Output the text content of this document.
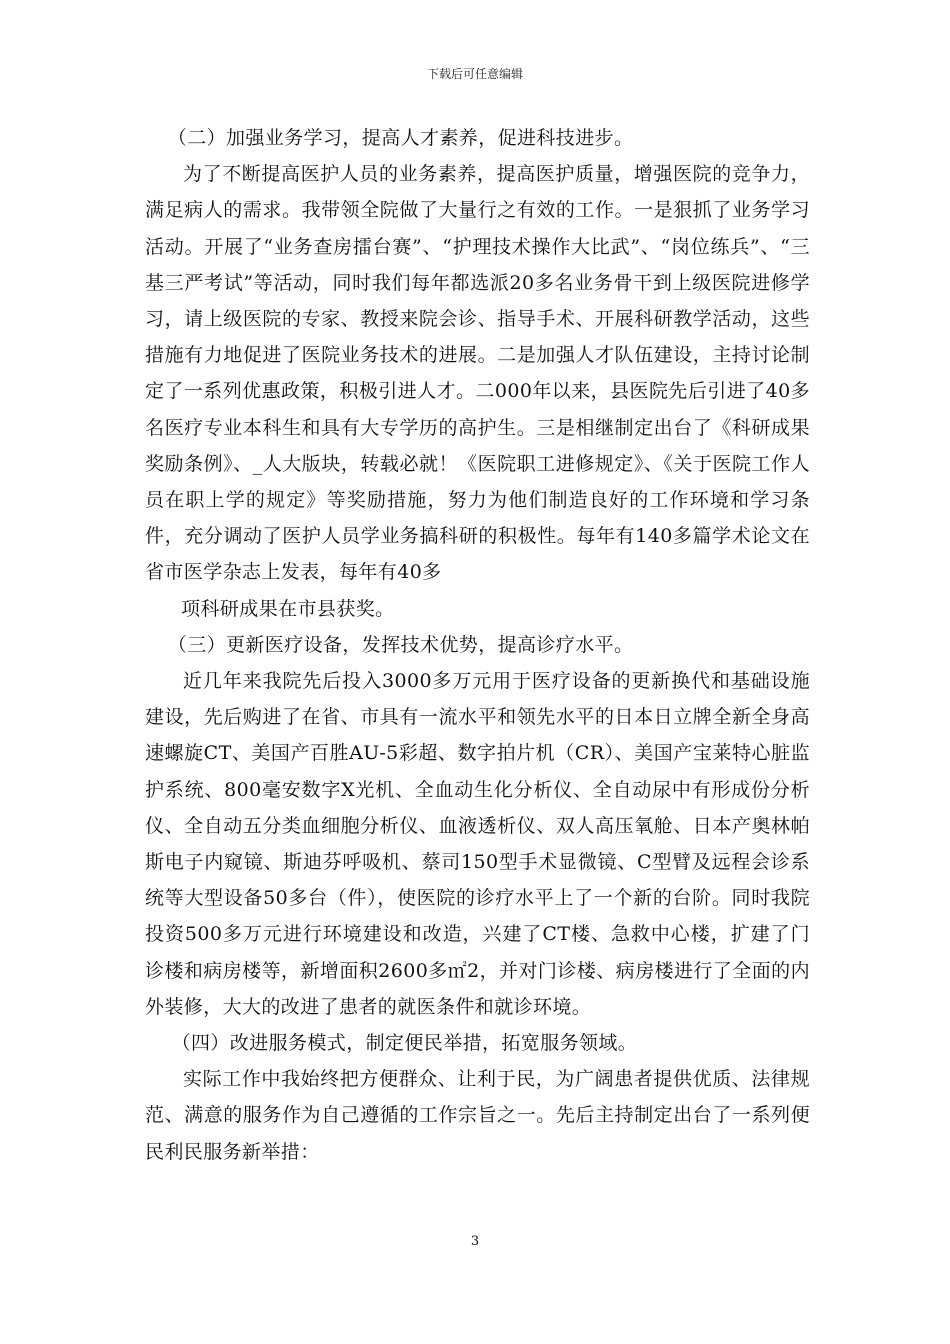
下载后可任意编辑

（二）加强业务学习，提高人才素养，促进科技进步。

为了不断提高医护人员的业务素养，提高医护质量，增强医院的竞争力，满足病人的需求。我带领全院做了大量行之有效的工作。一是狠抓了业务学习活动。开展了“业务查房擂台赛”、“护理技术操作大比武”、“岗位练兵”、“三基三严考试”等活动，同时我们每年都选派20多名业务骨干到上级医院进修学习，请上级医院的专家、教授来院会诊、指导手术、开展科研教学活动，这些措施有力地促进了医院业务技术的进展。二是加强人才队伍建设，主持讨论制定了一系列优惠政策，积极引进人才。二000年以来，县医院先后引进了40多名医疗专业本科生和具有大专学历的高护生。三是相继制定出台了《科研成果奖励条例》、_人大版块，转载必就！《医院职工进修规定》、《关于医院工作人员在职上学的规定》等奖励措施，努力为他们制造良好的工作环境和学习条件，充分调动了医护人员学业务搞科研的积极性。每年有140多篇学术论文在省市医学杂志上发表，每年有40多

项科研成果在市县获奖。

（三）更新医疗设备，发挥技术优势，提高诊疗水平。

近几年来我院先后投入3000多万元用于医疗设备的更新换代和基础设施建设，先后购进了在省、市具有一流水平和领先水平的日本日立牌全新全身高速螺旋CT、美国产百胜AU-5彩超、数字拍片机（CR）、美国产宝莱特心脏监护系统、800毫安数字X光机、全血动生化分析仪、全自动尿中有形成份分析仪、全自动五分类血细胞分析仪、血液透析仪、双人高压氧舱、日本产奥林帕斯电子内窥镜、斯迪芬呼吸机、蔡司150型手术显微镜、C型臂及远程会诊系统等大型设备50多台（件），使医院的诊疗水平上了一个新的台阶。同时我院投资500多万元进行环境建设和改造，兴建了CT楼、急救中心楼，扩建了门诊楼和病房楼等，新增面积2600多㎡2，并对门诊楼、病房楼进行了全面的内外装修，大大的改进了患者的就医条件和就诊环境。

（四）改进服务模式，制定便民举措，拓宽服务领域。

实际工作中我始终把方便群众、让利于民，为广阔患者提供优质、法律规范、满意的服务作为自己遵循的工作宗旨之一。先后主持制定出台了一系列便民利民服务新举措：

3
